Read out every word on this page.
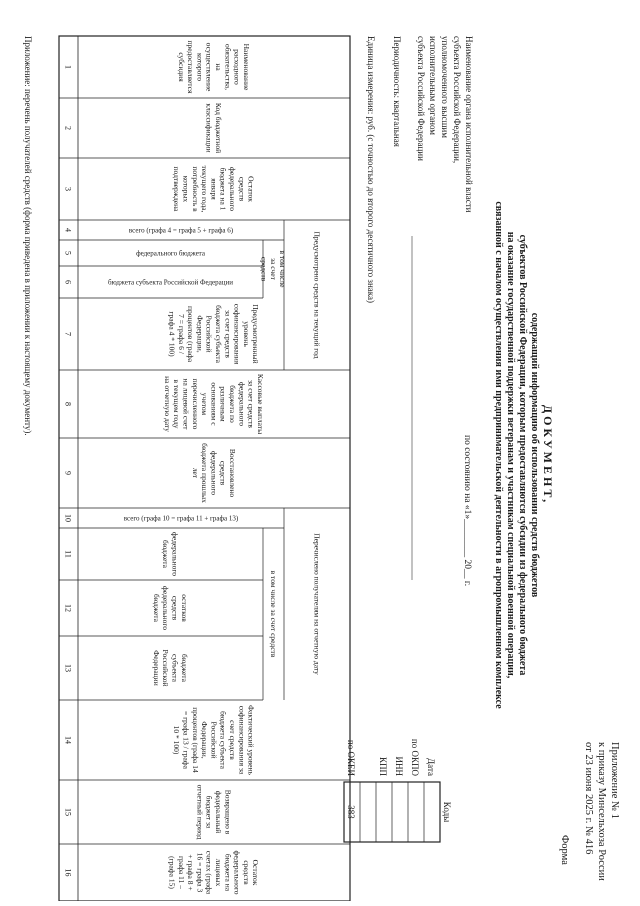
Приложение № 1
к приказу Минсельхоза России
от 23 июня 2025 г. № 416
Форма
ДОКУМЕНТ,
содержащий информацию об использовании средств бюджетов
субъектов Российской Федерации, которым предоставляются субсидии из федерального бюджета
на оказание государственной поддержки ветеранам и участникам специальной военной операции,
связанной с началом осуществления ими предпринимательской деятельности в агропромышленном комплексе
по состоянию на «1»________ 20__ г.
Наименование органа исполнительной власти
субъекта Российской Федерации,
уполномоченного высшим
исполнительным органом
субъекта Российской Федерации
Периодичность: квартальная
Единица измерения: руб. (с точностью до второго десятичного знака)
Коды
Дата
по ОКПО
ИНН
КПП
по ОКЕИ
383
Наименованиерасходногообязательства,наосуществлениекоторогопредоставляетсясубсидия
Код бюджетнойклассификации
Остатоксредствфедеральногобюджета на 1январятекущего года,потребность вкоторыхподтверждена
всего (графа 4 = графа 5 + графа 6)
федерального бюджета
бюджета субъекта Российской Федерации
Предусмотренныйуровеньсофинансированияза счет средствбюджета субъектаРоссийскойФедерации,процентов (графа7 = графа 6 /графа 4 * 100)
Кассовые выплатыза счет средствфедеральногобюджета поразличнымоснованиям сучетомперечисленногона лицевой счетв текущем годуна отчетную дату
Восстановленосредствфедеральногобюджета прошлыхлет
всего (графа 10 = графа 11 + графа 13)
федеральногобюджета
остатковсредствфедеральногобюджета
бюджетасубъектаРоссийскойФедерации
Фактический уровеньсофинансирования засчет средствбюджета субъектаРоссийскойФедерации,процентов (графа 14= графа 13 / графа10 * 100)
Возвращено вфедеральныйбюджет заотчетный период
Остатоксредствфедеральногобюджета налицевыхсчетах (графа16 = графа 3+ графа 8 +графа 11 –(графа 15)
Предусмотрено средств на текущий год
в том числеза счетсредств
Перечислено получателям на отчетную дату
в том числе за счет средств
1
2
3
4
5
6
7
8
9
10
11
12
13
14
15
16
Приложение: перечень получателей средств (форма приведена в приложении к настоящему документу).
